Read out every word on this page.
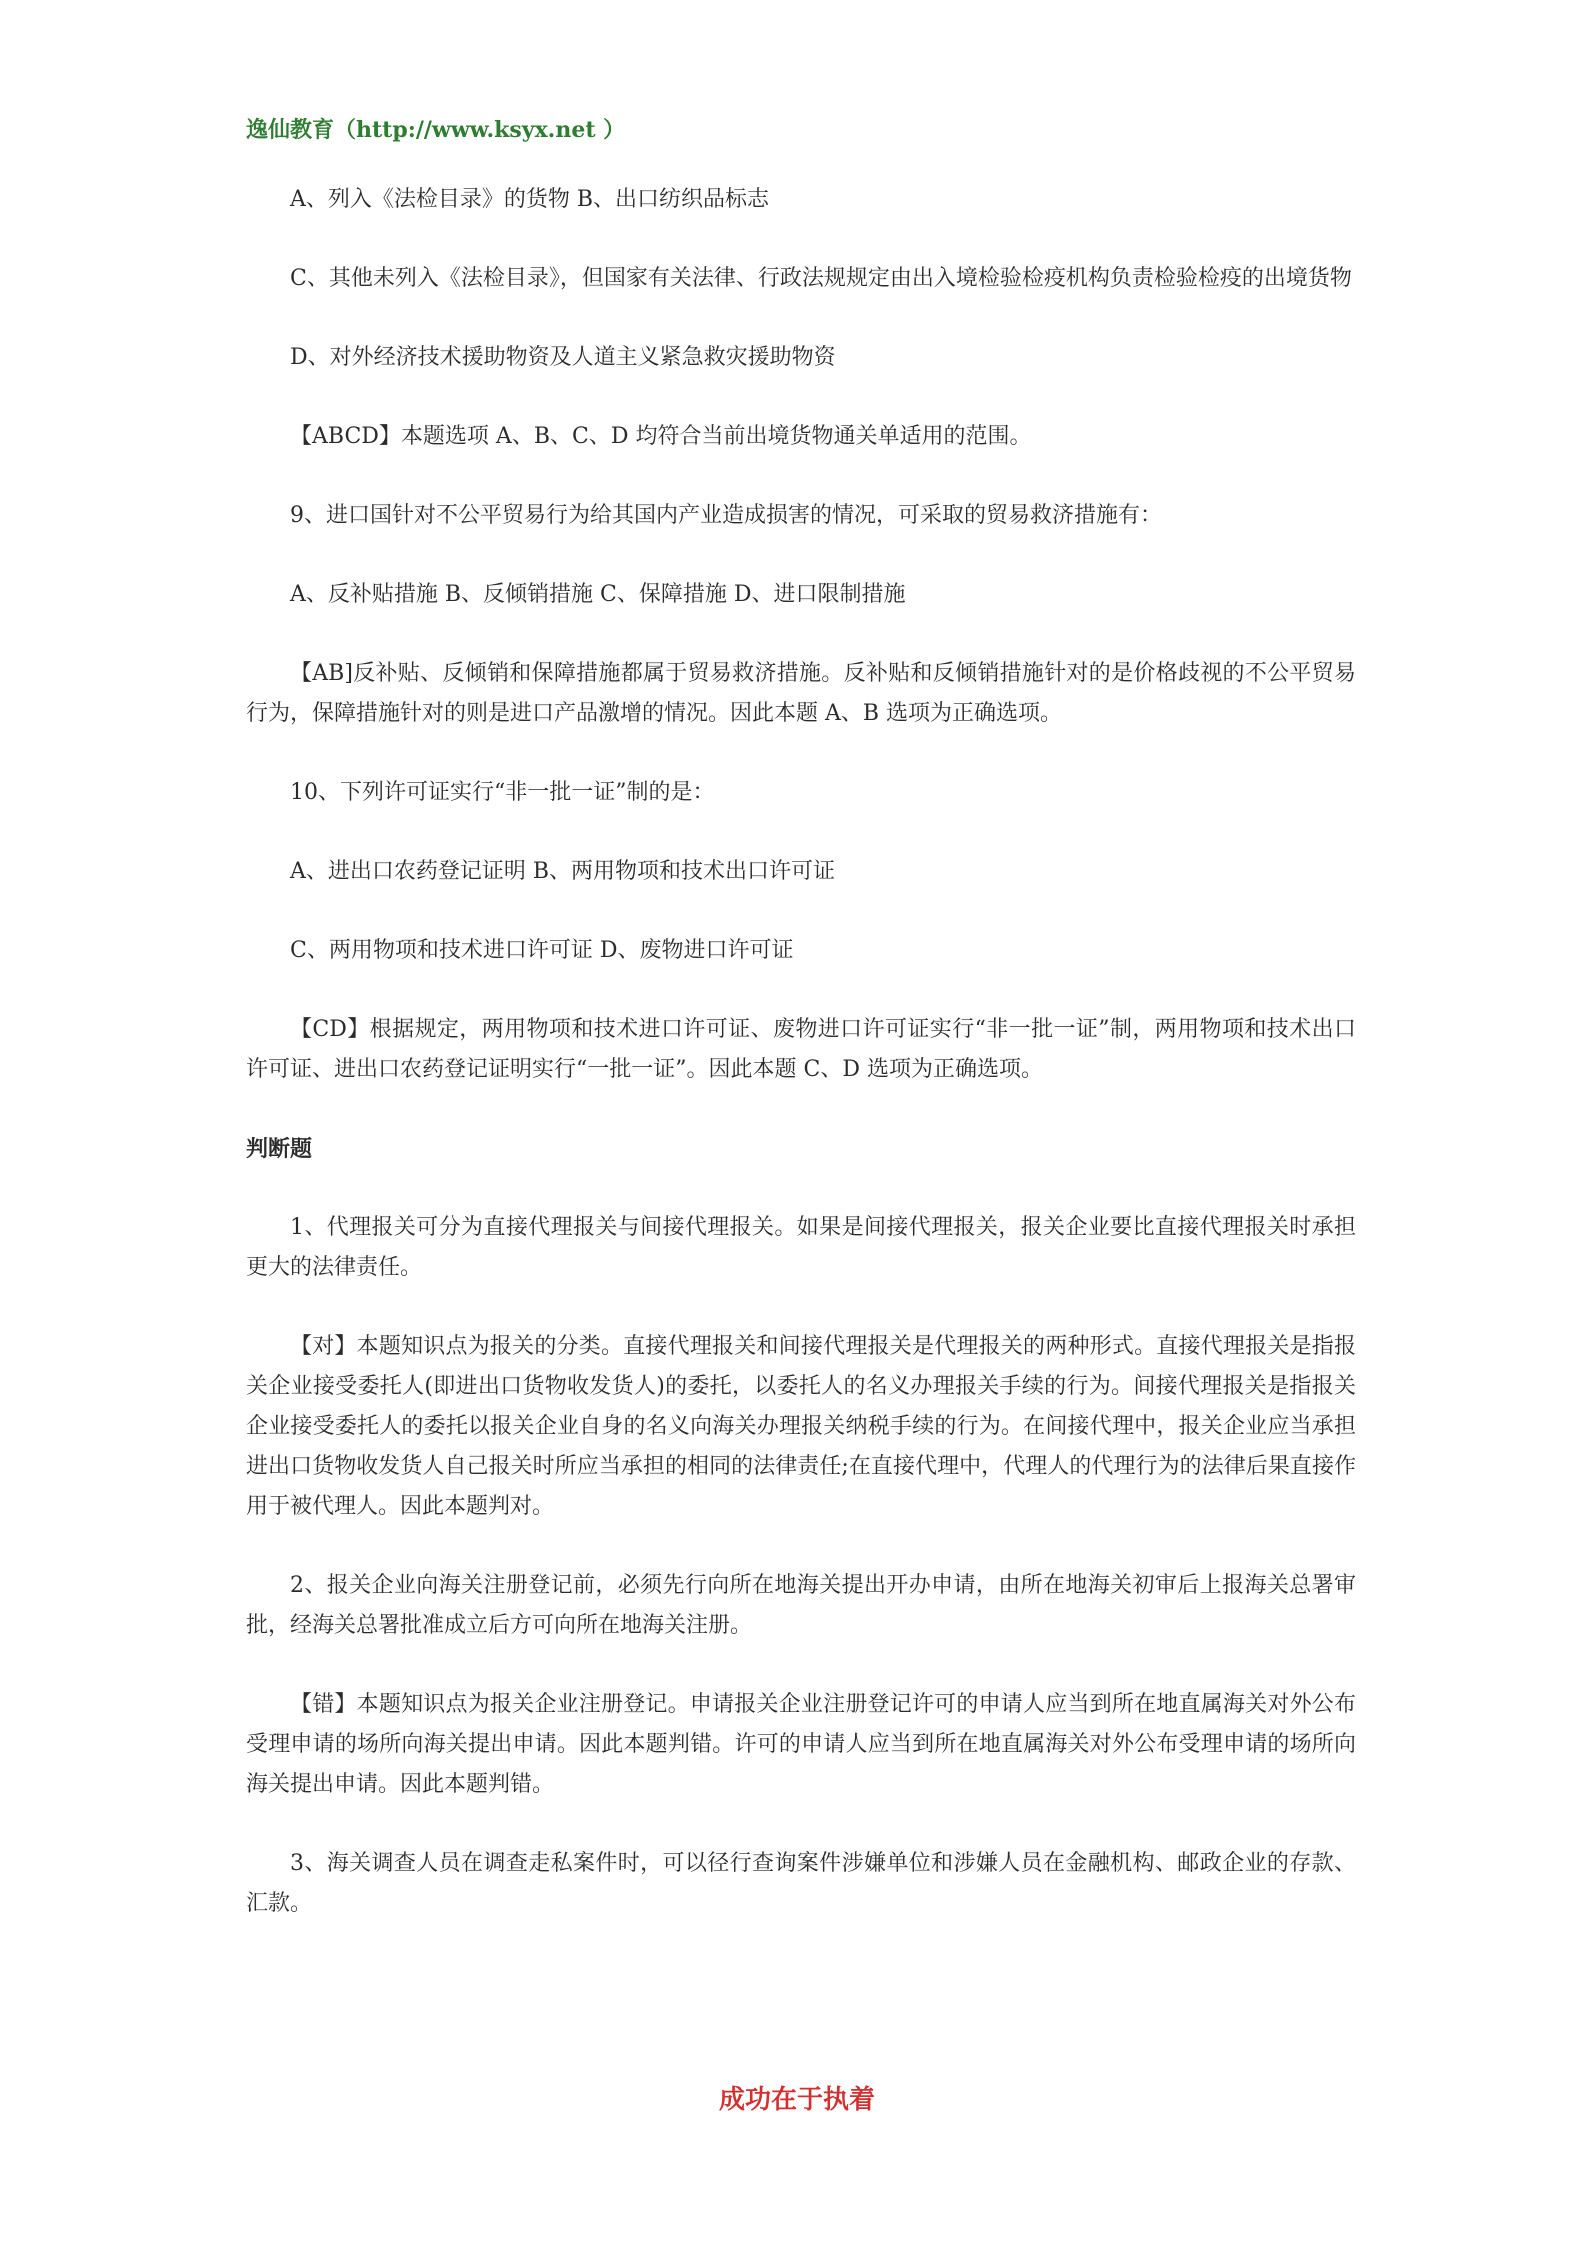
逸仙教育（http://www.ksyx.net ）

A、列入《法检目录》的货物 B、出口纺织品标志

C、其他未列入《法检目录》，但国家有关法律、行政法规规定由出入境检验检疫机构负责检验检疫的出境货物

D、对外经济技术援助物资及人道主义紧急救灾援助物资

【ABCD】本题选项 A、B、C、D 均符合当前出境货物通关单适用的范围。

9、进口国针对不公平贸易行为给其国内产业造成损害的情况，可采取的贸易救济措施有：

A、反补贴措施 B、反倾销措施 C、保障措施 D、进口限制措施

【AB]反补贴、反倾销和保障措施都属于贸易救济措施。反补贴和反倾销措施针对的是价格歧视的不公平贸易行为，保障措施针对的则是进口产品激增的情况。因此本题 A、B 选项为正确选项。

10、下列许可证实行“非一批一证”制的是：

A、进出口农药登记证明 B、两用物项和技术出口许可证

C、两用物项和技术进口许可证 D、废物进口许可证

【CD】根据规定，两用物项和技术进口许可证、废物进口许可证实行“非一批一证”制，两用物项和技术出口许可证、进出口农药登记证明实行“一批一证”。因此本题 C、D 选项为正确选项。

判断题

1、代理报关可分为直接代理报关与间接代理报关。如果是间接代理报关，报关企业要比直接代理报关时承担更大的法律责任。

【对】本题知识点为报关的分类。直接代理报关和间接代理报关是代理报关的两种形式。直接代理报关是指报关企业接受委托人(即进出口货物收发货人)的委托，以委托人的名义办理报关手续的行为。间接代理报关是指报关企业接受委托人的委托以报关企业自身的名义向海关办理报关纳税手续的行为。在间接代理中，报关企业应当承担进出口货物收发货人自己报关时所应当承担的相同的法律责任;在直接代理中，代理人的代理行为的法律后果直接作用于被代理人。因此本题判对。

2、报关企业向海关注册登记前，必须先行向所在地海关提出开办申请，由所在地海关初审后上报海关总署审批，经海关总署批准成立后方可向所在地海关注册。

【错】本题知识点为报关企业注册登记。申请报关企业注册登记许可的申请人应当到所在地直属海关对外公布受理申请的场所向海关提出申请。因此本题判错。许可的申请人应当到所在地直属海关对外公布受理申请的场所向海关提出申请。因此本题判错。

3、海关调查人员在调查走私案件时，可以径行查询案件涉嫌单位和涉嫌人员在金融机构、邮政企业的存款、汇款。

成功在于执着
